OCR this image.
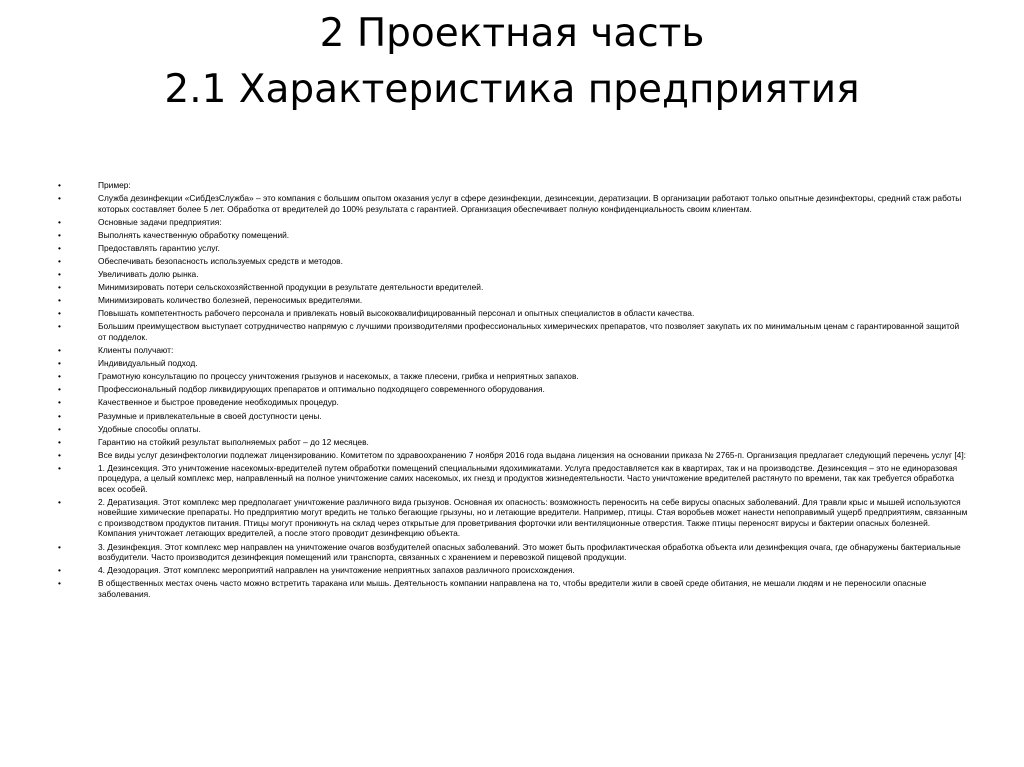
2 Проектная часть
2.1 Характеристика предприятия
• Пример:
• Служба дезинфекции «СибДезСлужба» – это компания с большим опытом оказания услуг в сфере дезинфекции, дезинсекции, дератизации. В организации работают только опытные дезинфекторы, средний стаж работы которых составляет более 5 лет. Обработка от вредителей до 100% результата с гарантией. Организация обеспечивает полную конфиденциальность своим клиентам.
• Основные задачи предприятия:
• Выполнять качественную обработку помещений.
• Предоставлять гарантию услуг.
• Обеспечивать безопасность используемых средств и методов.
• Увеличивать долю рынка.
• Минимизировать потери сельскохозяйственной продукции в результате деятельности вредителей.
• Минимизировать количество болезней, переносимых вредителями.
• Повышать компетентность рабочего персонала и привлекать новый высококвалифицированный персонал и опытных специалистов в области качества.
• Большим преимуществом выступает сотрудничество напрямую с лучшими производителями профессиональных химерических препаратов, что позволяет закупать их по минимальным ценам с гарантированной защитой от подделок.
• Клиенты получают:
• Индивидуальный подход.
• Грамотную консультацию по процессу уничтожения грызунов и насекомых, а также плесени, грибка и неприятных запахов.
• Профессиональный подбор ликвидирующих препаратов и оптимально подходящего современного оборудования.
• Качественное и быстрое проведение необходимых процедур.
• Разумные и привлекательные в своей доступности цены.
• Удобные способы оплаты.
• Гарантию на стойкий результат выполняемых работ – до 12 месяцев.
• Все виды услуг дезинфектологии подлежат лицензированию. Комитетом по здравоохранению 7 ноября 2016 года выдана лицензия на основании приказа № 2765-п. Организация предлагает следующий перечень услуг [4]:
• 1. Дезинсекция. Это уничтожение насекомых-вредителей путем обработки помещений специальными ядохимикатами. Услуга предоставляется как в квартирах, так и на производстве. Дезинсекция – это не единоразовая процедура, а целый комплекс мер, направленный на полное уничтожение самих насекомых, их гнезд и продуктов жизнедеятельности. Часто уничтожение вредителей растянуто по времени, так как требуется обработка всех особей.
• 2. Дератизация. Этот комплекс мер предполагает уничтожение различного вида грызунов. Основная их опасность: возможность переносить на себе вирусы опасных заболеваний. Для травли крыс и мышей используются новейшие химические препараты. Но предприятию могут вредить не только бегающие грызуны, но и летающие вредители. Например, птицы. Стая воробьев может нанести непоправимый ущерб предприятиям, связанным с производством продуктов питания. Птицы могут проникнуть на склад через открытые для проветривания форточки или вентиляционные отверстия. Также птицы переносят вирусы и бактерии опасных болезней. Компания уничтожает летающих вредителей, а после этого проводит дезинфекцию объекта.
• 3. Дезинфекция. Этот комплекс мер направлен на уничтожение очагов возбудителей опасных заболеваний. Это может быть профилактическая обработка объекта или дезинфекция очага, где обнаружены бактериальные возбудители. Часто производится дезинфекция помещений или транспорта, связанных с хранением и перевозкой пищевой продукции.
• 4. Дезодорация. Этот комплекс мероприятий направлен на уничтожение неприятных запахов различного происхождения.
• В общественных местах очень часто можно встретить таракана или мышь. Деятельность компании направлена на то, чтобы вредители жили в своей среде обитания, не мешали людям и не переносили опасные заболевания.
